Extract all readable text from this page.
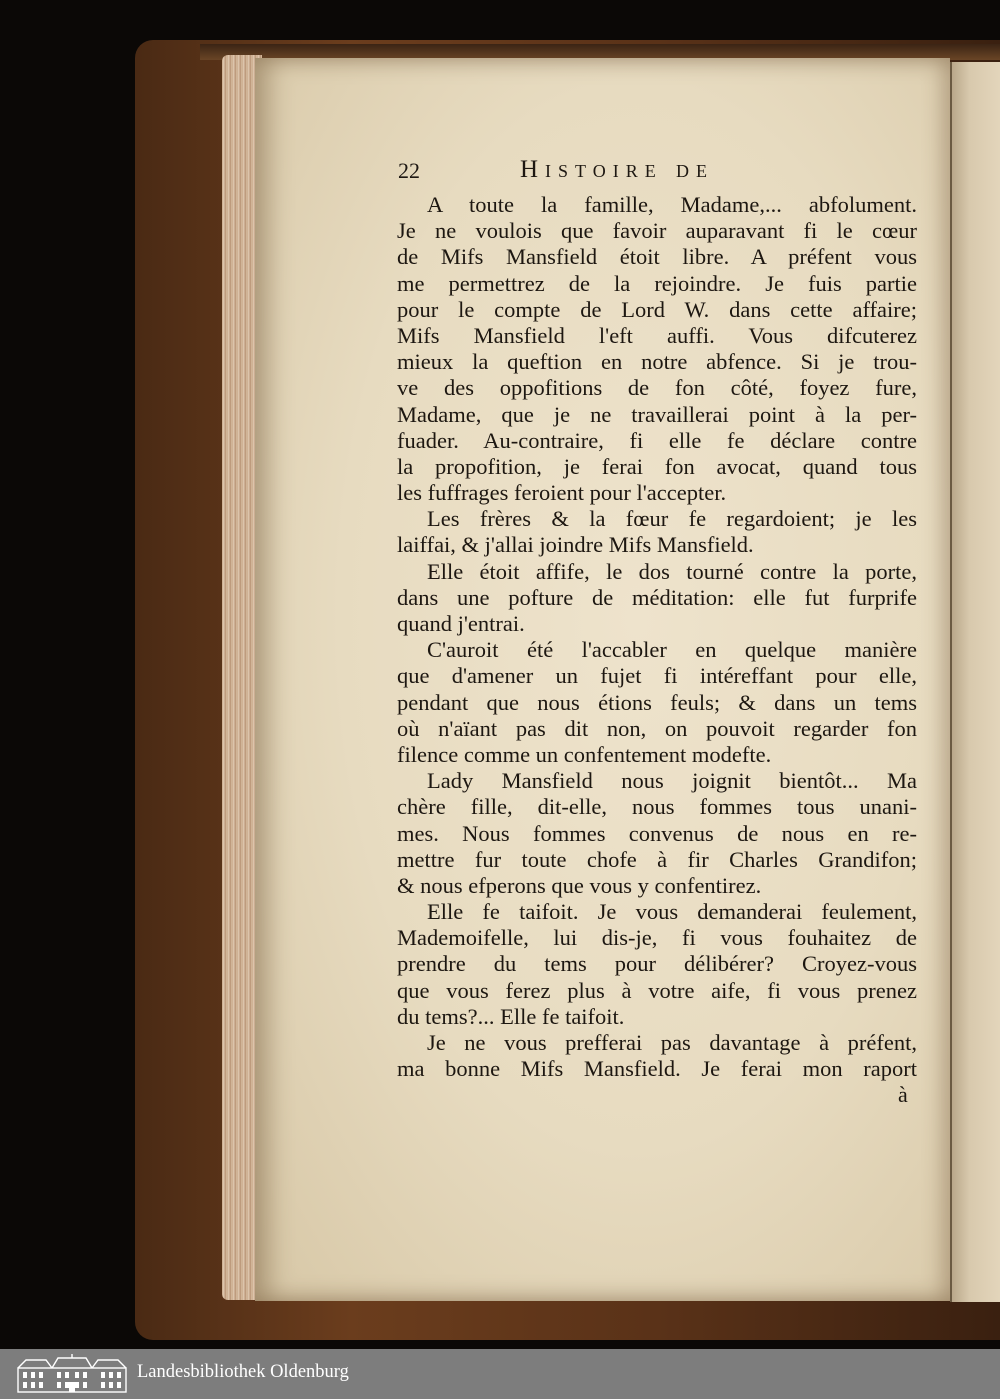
22	Histoire de
A toute la famille, Madame,... abfolument.
Je ne voulois que favoir auparavant fi le cœur
de Mifs Mansfield étoit libre. A préfent vous
me permettrez de la rejoindre. Je fuis partie
pour le compte de Lord W. dans cette affaire;
Mifs Mansfield l'eft auffi. Vous difcuterez
mieux la queftion en notre abfence. Si je trou-
ve des oppofitions de fon côté, foyez fure,
Madame, que je ne travaillerai point à la per-
fuader. Au-contraire, fi elle fe déclare contre
la propofition, je ferai fon avocat, quand tous
les fuffrages feroient pour l'accepter.
Les frères & la fœur fe regardoient; je les
laiffai, & j'allai joindre Mifs Mansfield.
Elle étoit affife, le dos tourné contre la porte,
dans une pofture de méditation: elle fut furprife
quand j'entrai.
C'auroit été l'accabler en quelque manière
que d'amener un fujet fi intéreffant pour elle,
pendant que nous étions feuls; & dans un tems
où n'aïant pas dit non, on pouvoit regarder fon
filence comme un confentement modefte.
Lady Mansfield nous joignit bientôt... Ma
chère fille, dit-elle, nous fommes tous unani-
mes. Nous fommes convenus de nous en re-
mettre fur toute chofe à fir Charles Grandifon;
& nous efperons que vous y confentirez.
Elle fe taifoit. Je vous demanderai feulement,
Mademoifelle, lui dis-je, fi vous fouhaitez de
prendre du tems pour délibérer? Croyez-vous
que vous ferez plus à votre aife, fi vous prenez
du tems?... Elle fe taifoit.
Je ne vous prefferai pas davantage à préfent,
ma bonne Mifs Mansfield. Je ferai mon raport
à
Landesbibliothek Oldenburg
